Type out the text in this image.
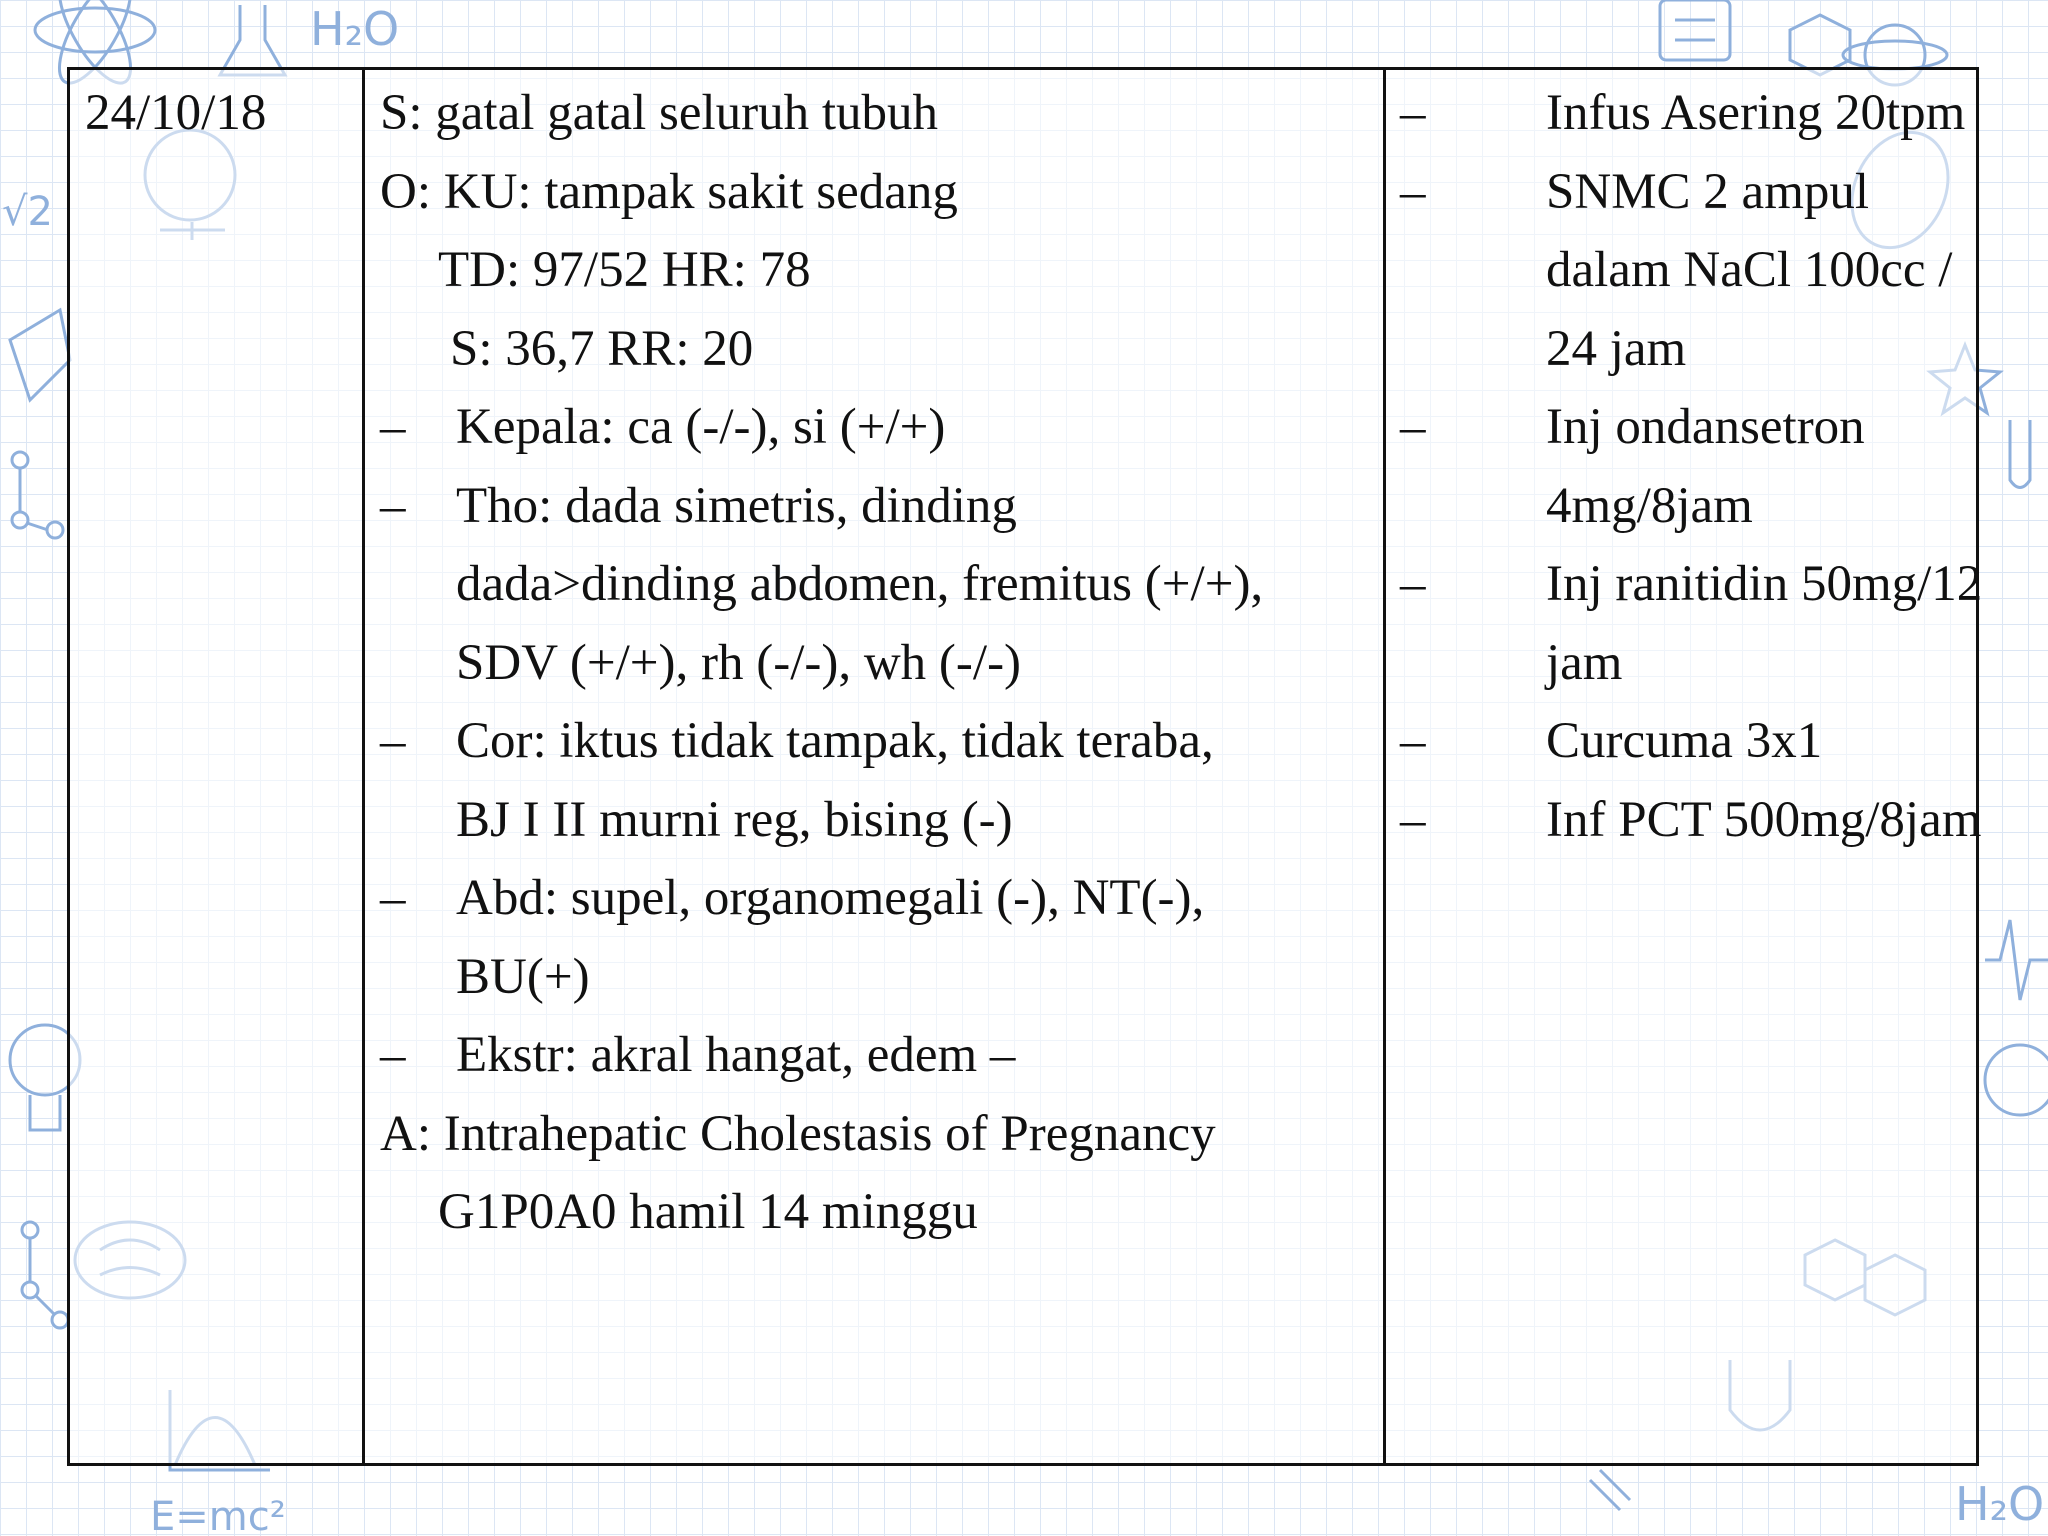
H₂O
√2
E=mc²	H₂O
24/10/18 S: gatal gatal seluruh tubuh
O: KU: tampak sakit sedang
TD: 97/52 HR: 78
S: 36,7 RR: 20
– Kepala: ca (-/-), si (+/+)
– Tho: dada simetris, dinding
dada>dinding abdomen, fremitus (+/+),
SDV (+/+), rh (-/-), wh (-/-)
– Cor: iktus tidak tampak, tidak teraba,
BJ I II murni reg, bising (-)
– Abd: supel, organomegali (-), NT(-),
BU(+)
– Ekstr: akral hangat, edem –
A: Intrahepatic Cholestasis of Pregnancy
G1P0A0 hamil 14 minggu
– Infus Asering 20tpm
– SNMC 2 ampul
dalam NaCl 100cc /
24 jam
– Inj ondansetron
4mg/8jam
– Inj ranitidin 50mg/12
jam
– Curcuma 3x1
– Inf PCT 500mg/8jam
